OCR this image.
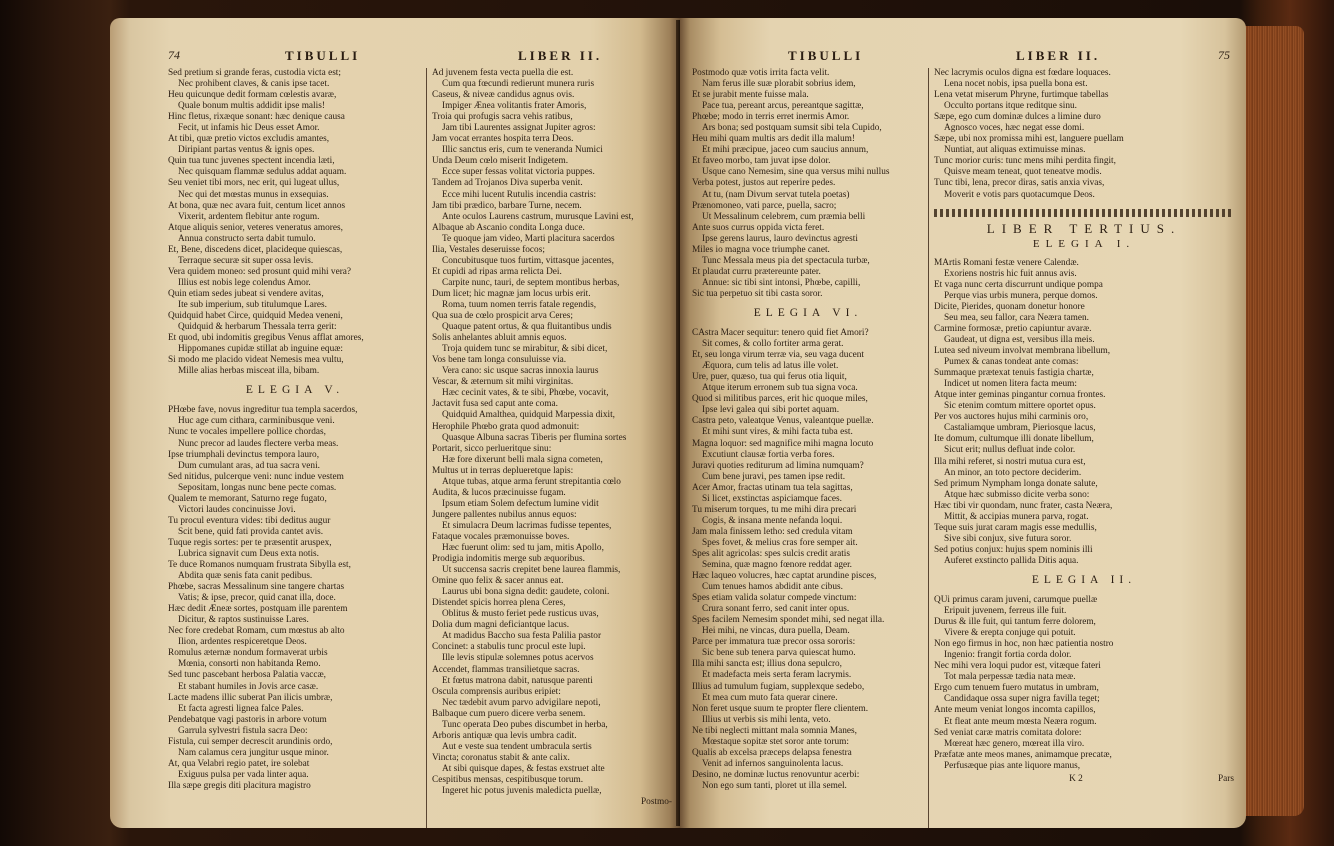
74	TIBULLI	LIBER II.
Sed pretium si grande feras, custodia victa est;
Nec prohibent claves, & canis ipse tacet.
Heu quicunque dedit formam cœlestis avaræ,
Quale bonum multis addidit ipse malis!
Hinc fletus, rixæque sonant: hæc denique causa
Fecit, ut infamis hic Deus esset Amor.
At tibi, quæ pretio victos excludis amantes,
Diripiant partas ventus & ignis opes.
Quin tua tunc juvenes spectent incendia læti,
Nec quisquam flammæ sedulus addat aquam.
Seu veniet tibi mors, nec erit, qui lugeat ullus,
Nec qui det mœstas munus in exsequias.
At bona, quæ nec avara fuit, centum licet annos
Vixerit, ardentem flebitur ante rogum.
Atque aliquis senior, veteres veneratus amores,
Annua constructo serta dabit tumulo.
Et, Bene, discedens dicet, placideque quiescas,
Terraque securæ sit super ossa levis.
Vera quidem moneo: sed prosunt quid mihi vera?
Illius est nobis lege colendus Amor.
Quin etiam sedes jubeat si vendere avitas,
Ite sub imperium, sub titulumque Lares.
Quidquid habet Circe, quidquid Medea veneni,
Quidquid & herbarum Thessala terra gerit:
Et quod, ubi indomitis gregibus Venus afflat amores,
Hippomanes cupidæ stillat ab inguine equæ:
Si modo me placido videat Nemesis mea vultu,
Mille alias herbas misceat illa, bibam.
ELEGIA V.
PHœbe fave, novus ingreditur tua templa sacerdos,
Huc age cum cithara, carminibusque veni.
Nunc te vocales impellere pollice chordas,
Nunc precor ad laudes flectere verba meas.
Ipse triumphali devinctus tempora lauro,
Dum cumulant aras, ad tua sacra veni.
Sed nitidus, pulcerque veni: nunc indue vestem
Sepositam, longas nunc bene pecte comas.
Qualem te memorant, Saturno rege fugato,
Victori laudes concinuisse Jovi.
Tu procul eventura vides: tibi deditus augur
Scit bene, quid fati provida cantet avis.
Tuque regis sortes: per te præsentit aruspex,
Lubrica signavit cum Deus exta notis.
Te duce Romanos numquam frustrata Sibylla est,
Abdita quæ senis fata canit pedibus.
Phœbe, sacras Messalinum sine tangere chartas
Vatis; & ipse, precor, quid canat illa, doce.
Hæc dedit Æneæ sortes, postquam ille parentem
Dicitur, & raptos sustinuisse Lares.
Nec fore credebat Romam, cum mœstus ab alto
Ilion, ardentes respiceretque Deos.
Romulus æternæ nondum formaverat urbis
Mœnia, consorti non habitanda Remo.
Sed tunc pascebant herbosa Palatia vaccæ,
Et stabant humiles in Jovis arce casæ.
Lacte madens illic suberat Pan ilicis umbræ,
Et facta agresti lignea falce Pales.
Pendebatque vagi pastoris in arbore votum
Garrula sylvestri fistula sacra Deo:
Fistula, cui semper decrescit arundinis ordo,
Nam calamus cera jungitur usque minor.
At, qua Velabri regio patet, ire solebat
Exiguus pulsa per vada linter aqua.
Illa sæpe gregis diti placitura magistro
Ad juvenem festa vecta puella die est.
Cum qua fœcundi redierunt munera ruris
Caseus, & niveæ candidus agnus ovis.
Impiger Ænea volitantis frater Amoris,
Troia qui profugis sacra vehis ratibus,
Jam tibi Laurentes assignat Jupiter agros:
Jam vocat errantes hospita terra Deos.
Illic sanctus eris, cum te veneranda Numici
Unda Deum cœlo miserit Indigetem.
Ecce super fessas volitat victoria puppes.
Tandem ad Trojanos Diva superba venit.
Ecce mihi lucent Rutulis incendia castris:
Jam tibi prædico, barbare Turne, necem.
Ante oculos Laurens castrum, murusque Lavini est,
Albaque ab Ascanio condita Longa duce.
Te quoque jam video, Marti placitura sacerdos
Ilia, Vestales deseruisse focos;
Concubitusque tuos furtim, vittasque jacentes,
Et cupidi ad ripas arma relicta Dei.
Carpite nunc, tauri, de septem montibus herbas,
Dum licet; hic magnæ jam locus urbis erit.
Roma, tuum nomen terris fatale regendis,
Qua sua de cœlo prospicit arva Ceres;
Quaque patent ortus, & qua fluitantibus undis
Solis anhelantes abluit amnis equos.
Troja quidem tunc se mirabitur, & sibi dicet,
Vos bene tam longa consuluisse via.
Vera cano: sic usque sacras innoxia laurus
Vescar, & æternum sit mihi virginitas.
Hæc cecinit vates, & te sibi, Phœbe, vocavit,
Jactavit fusa sed caput ante coma.
Quidquid Amalthea, quidquid Marpessia dixit,
Herophile Phœbo grata quod admonuit:
Quasque Albuna sacras Tiberis per flumina sortes
Portarit, sicco perlueritque sinu:
Hæ fore dixerunt belli mala signa cometen,
Multus ut in terras deplueretque lapis:
Atque tubas, atque arma ferunt strepitantia cœlo
Audita, & lucos præcinuisse fugam.
Ipsum etiam Solem defectum lumine vidit
Jungere pallentes nubilus annus equos:
Et simulacra Deum lacrimas fudisse tepentes,
Fataque vocales præmonuisse boves.
Hæc fuerunt olim: sed tu jam, mitis Apollo,
Prodigia indomitis merge sub æquoribus.
Ut succensa sacris crepitet bene laurea flammis,
Omine quo felix & sacer annus eat.
Laurus ubi bona signa dedit: gaudete, coloni.
Distendet spicis horrea plena Ceres,
Oblitus & musto feriet pede rusticus uvas,
Dolia dum magni deficiantque lacus.
At madidus Baccho sua festa Palilia pastor
Concinet: a stabulis tunc procul este lupi.
Ille levis stipulæ solemnes potus acervos
Accendet, flammas transilietque sacras.
Et fœtus matrona dabit, natusque parenti
Oscula comprensis auribus eripiet:
Nec tædebit avum parvo advigilare nepoti,
Balbaque cum puero dicere verba senem.
Tunc operata Deo pubes discumbet in herba,
Arboris antiquæ qua levis umbra cadit.
Aut e veste sua tendent umbracula sertis
Vincta; coronatus stabit & ante calix.
At sibi quisque dapes, & festas exstruet alte
Cespitibus mensas, cespitibusque torum.
Ingeret hic potus juvenis maledicta puellæ,
Postmo-
TIBULLI	LIBER II.	75
Postmodo quæ votis irrita facta velit.
Nam ferus ille suæ plorabit sobrius idem,
Et se jurabit mente fuisse mala.
Pace tua, pereant arcus, pereantque sagittæ,
Phœbe; modo in terris erret inermis Amor.
Ars bona; sed postquam sumsit sibi tela Cupido,
Heu mihi quam multis ars dedit illa malum!
Et mihi præcipue, jaceo cum saucius annum,
Et faveo morbo, tam juvat ipse dolor.
Usque cano Nemesim, sine qua versus mihi nullus
Verba potest, justos aut reperire pedes.
At tu, (nam Divum servat tutela poetas)
Prænomoneo, vati parce, puella, sacro;
Ut Messalinum celebrem, cum præmia belli
Ante suos currus oppida victa feret.
Ipse gerens laurus, lauro devinctus agresti
Miles io magna voce triumphe canet.
Tunc Messala meus pia det spectacula turbæ,
Et plaudat curru prætereunte pater.
Annue: sic tibi sint intonsi, Phœbe, capilli,
Sic tua perpetuo sit tibi casta soror.
ELEGIA VI.
CAstra Macer sequitur: tenero quid fiet Amori?
Sit comes, & collo fortiter arma gerat.
Et, seu longa virum terræ via, seu vaga ducent
Æquora, cum telis ad latus ille volet.
Ure, puer, quæso, tua qui ferus otia liquit,
Atque iterum erronem sub tua signa voca.
Quod si militibus parces, erit hic quoque miles,
Ipse levi galea qui sibi portet aquam.
Castra peto, valeatque Venus, valeantque puellæ.
Et mihi sunt vires, & mihi facta tuba est.
Magna loquor: sed magnifice mihi magna locuto
Excutiunt clausæ fortia verba fores.
Juravi quoties rediturum ad limina numquam?
Cum bene juravi, pes tamen ipse redit.
Acer Amor, fractas utinam tua tela sagittas,
Si licet, exstinctas aspiciamque faces.
Tu miserum torques, tu me mihi dira precari
Cogis, & insana mente nefanda loqui.
Jam mala finissem letho: sed credula vitam
Spes fovet, & melius cras fore semper ait.
Spes alit agricolas: spes sulcis credit aratis
Semina, quæ magno fœnore reddat ager.
Hæc laqueo volucres, hæc captat arundine pisces,
Cum tenues hamos abdidit ante cibus.
Spes etiam valida solatur compede vinctum:
Crura sonant ferro, sed canit inter opus.
Spes facilem Nemesim spondet mihi, sed negat illa.
Hei mihi, ne vincas, dura puella, Deam.
Parce per immatura tuæ precor ossa sororis:
Sic bene sub tenera parva quiescat humo.
Illa mihi sancta est; illius dona sepulcro,
Et madefacta meis serta feram lacrymis.
Illius ad tumulum fugiam, supplexque sedebo,
Et mea cum muto fata querar cinere.
Non feret usque suum te propter flere clientem.
Illius ut verbis sis mihi lenta, veto.
Ne tibi neglecti mittant mala somnia Manes,
Mœstaque sopitæ stet soror ante torum:
Qualis ab excelsa præceps delapsa fenestra
Venit ad infernos sanguinolenta lacus.
Desino, ne dominæ luctus renovuntur acerbi:
Non ego sum tanti, ploret ut illa semel.
Nec lacrymis oculos digna est fœdare loquaces.
Lena nocet nobis, ipsa puella bona est.
Lena vetat miserum Phryne, furtimque tabellas
Occulto portans itque reditque sinu.
Sæpe, ego cum dominæ dulces a limine duro
Agnosco voces, hæc negat esse domi.
Sæpe, ubi nox promissa mihi est, languere puellam
Nuntiat, aut aliquas extimuisse minas.
Tunc morior curis: tunc mens mihi perdita fingit,
Quisve meam teneat, quot teneatve modis.
Tunc tibi, lena, precor diras, satis anxia vivas,
Moverit e votis pars quotacumque Deos.
LIBER TERTIUS.
ELEGIA I.
MArtis Romani festæ venere Calendæ.
Exoriens nostris hic fuit annus avis.
Et vaga nunc certa discurrunt undique pompa
Perque vias urbis munera, perque domos.
Dicite, Pierides, quonam donetur honore
Seu mea, seu fallor, cara Neæra tamen.
Carmine formosæ, pretio capiuntur avaræ.
Gaudeat, ut digna est, versibus illa meis.
Lutea sed niveum involvat membrana libellum,
Pumex & canas tondeat ante comas:
Summaque prætexat tenuis fastigia chartæ,
Indicet ut nomen litera facta meum:
Atque inter geminas pingantur cornua frontes.
Sic etenim comtum mittere oportet opus.
Per vos auctores hujus mihi carminis oro,
Castaliamque umbram, Pieriosque lacus,
Ite domum, cultumque illi donate libellum,
Sicut erit; nullus defluat inde color.
Illa mihi referet, si nostri mutua cura est,
An minor, an toto pectore deciderim.
Sed primum Nympham longa donate salute,
Atque hæc submisso dicite verba sono:
Hæc tibi vir quondam, nunc frater, casta Neæra,
Mittit, & accipias munera parva, rogat.
Teque suis jurat caram magis esse medullis,
Sive sibi conjux, sive futura soror.
Sed potius conjux: hujus spem nominis illi
Auferet exstincto pallida Ditis aqua.
ELEGIA II.
QUi primus caram juveni, carumque puellæ
Eripuit juvenem, ferreus ille fuit.
Durus & ille fuit, qui tantum ferre dolorem,
Vivere & erepta conjuge qui potuit.
Non ego firmus in hoc, non hæc patientia nostro
Ingenio: frangit fortia corda dolor.
Nec mihi vera loqui pudor est, vitæque fateri
Tot mala perpessæ tædia nata meæ.
Ergo cum tenuem fuero mutatus in umbram,
Candidaque ossa super nigra favilla teget;
Ante meum veniat longos incomta capillos,
Et fleat ante meum mœsta Neæra rogum.
Sed veniat caræ matris comitata dolore:
Mœreat hæc genero, mœreat illa viro.
Præfatæ ante meos manes, animamque precatæ,
Perfusæque pias ante liquore manus,
K 2	Pars
